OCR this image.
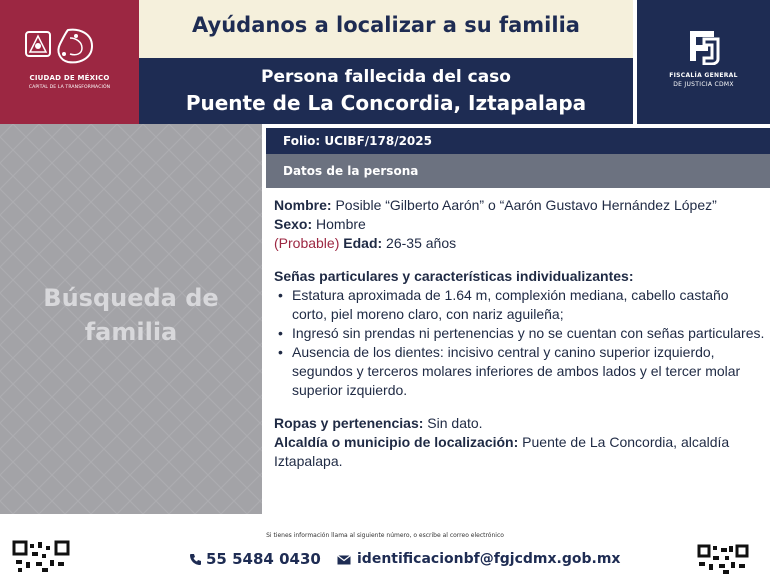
CIUDAD DE MÉXICO
CAPITAL DE LA TRANSFORMACIÓN
Ayúdanos a localizar a su familia
Persona fallecida del caso
Puente de La Concordia, Iztapalapa
FISCALÍA GENERAL
DE JUSTICIA CDMX
Búsqueda de
familia
Folio: UCIBF/178/2025
Datos de la persona

Nombre: Posible “Gilberto Aarón” o “Aarón Gustavo Hernández López”

Sexo: Hombre

(Probable) Edad: 26-35 años

Señas particulares y características individualizantes:

• Estatura aproximada de 1.64 m, complexión mediana, cabello castaño corto, piel moreno claro, con nariz aguileña;
• Ingresó sin prendas ni pertenencias y no se cuentan con señas particulares.
• Ausencia de los dientes: incisivo central y canino superior izquierdo, segundos y terceros molares inferiores de ambos lados y el tercer molar superior izquierdo.

Ropas y pertenencias: Sin dato.

Alcaldía o municipio de localización: Puente de La Concordia, alcaldía Iztapalapa.

Si tienes información llama al siguiente número, o escribe al correo electrónico
55 5484 0430	identificacionbf@fgjcdmx.gob.mx
